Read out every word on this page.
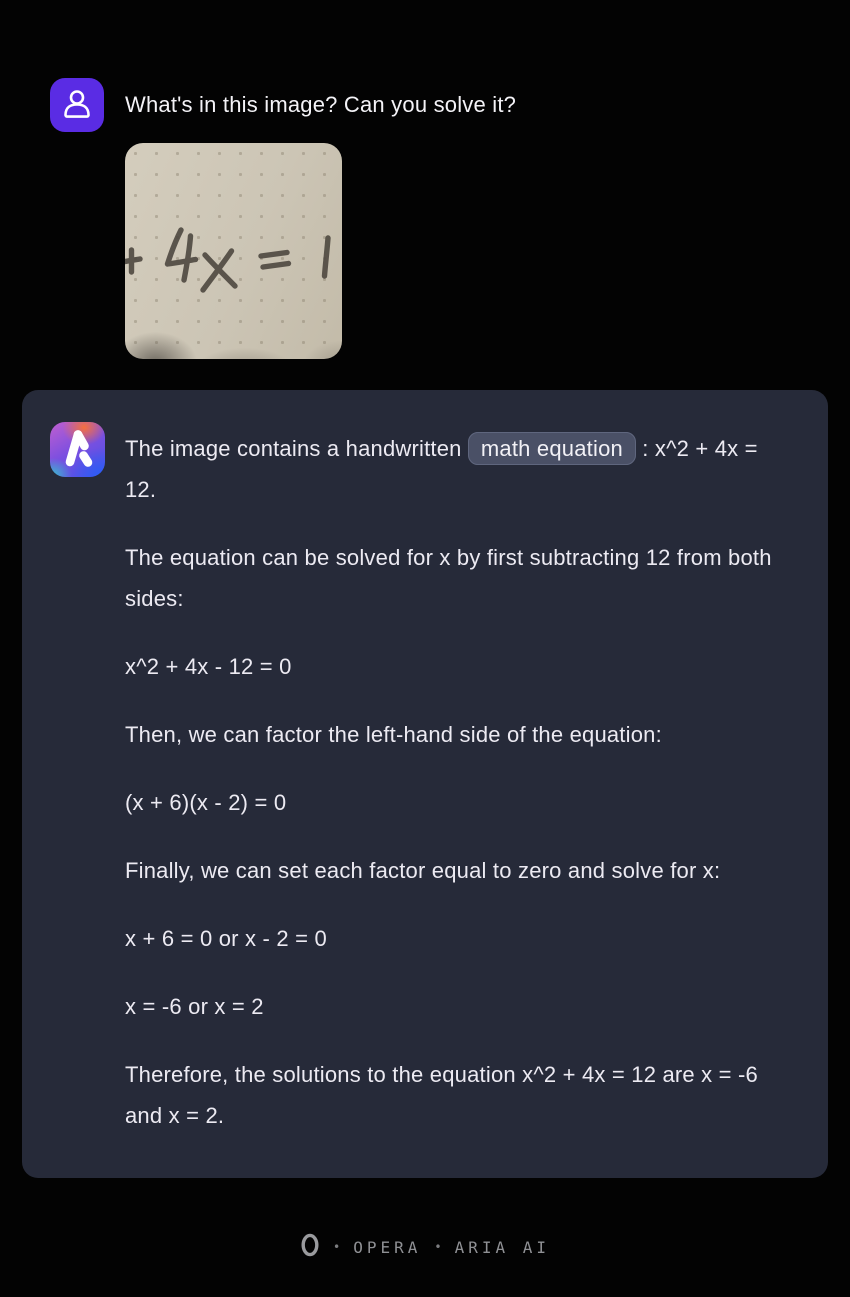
What's in this image? Can you solve it?

The image contains a handwritten math equation : x^2 + 4x = 12.

The equation can be solved for x by first subtracting 12 from both sides:

x^2 + 4x - 12 = 0

Then, we can factor the left-hand side of the equation:

(x + 6)(x - 2) = 0

Finally, we can set each factor equal to zero and solve for x:

x + 6 = 0 or x - 2 = 0

x = -6 or x = 2

Therefore, the solutions to the equation x^2 + 4x = 12 are x = -6 and x = 2.

• OPERA • ARIA AI
